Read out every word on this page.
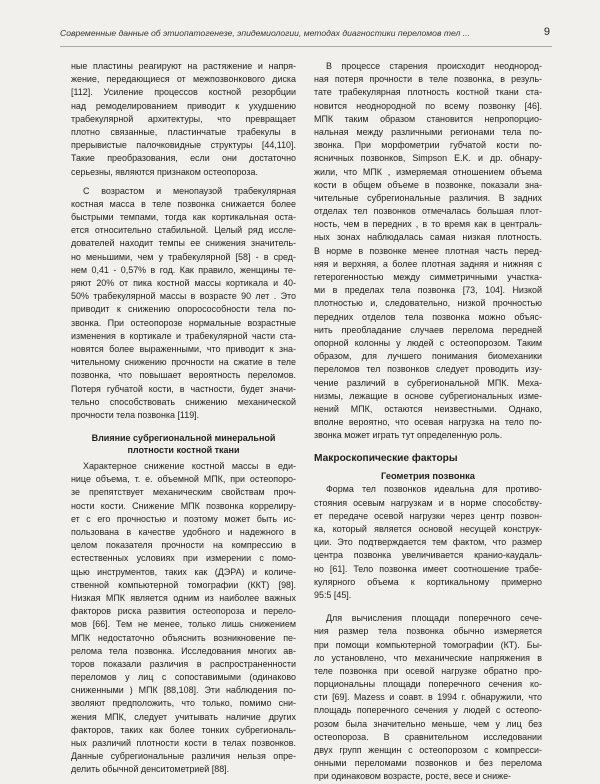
Современные данные об этиопатогенезе, эпидемиологии, методах диагностики переломов тел ...	9
ные пластины реагируют на растяжение и напря-
жение, передающиеся от межпозвонкового диска
[112]. Усиление процессов костной резорбции
над ремоделированием приводит к ухудшению
трабекулярной архитектуры, что превращает
плотно связанные, пластинчатые трабекулы в
прерывистые палочковидные структуры [44,110].
Такие преобразования, если они достаточно
серьезны, являются признаком остеопороза.
С возрастом и менопаузой трабекулярная
костная масса в теле позвонка снижается более
быстрыми темпами, тогда как кортикальная оста-
ется относительно стабильной. Целый ряд иссле-
дователей находит темпы ее снижения значитель-
но меньшими, чем у трабекулярной [58] - в сред-
нем 0,41 - 0,57% в год. Как правило, женщины те-
ряют 20% от пика костной массы кортикала и 40-
50% трабекулярной массы в возрасте 90 лет . Это
приводит к снижению опоросособности тела по-
звонка. При остеопорозе нормальные возрастные
изменения в кортикале и трабекулярной части ста-
новятся более выраженными, что приводит к зна-
чительному снижению прочности на сжатие в теле
позвонка, что повышает вероятность переломов.
Потеря губчатой кости, в частности, будет значи-
тельно способствовать снижению механической
прочности тела позвонка [119].
Влияние субрегиональной минеральной
плотности костной ткани
Характерное снижение костной массы в еди-
нице объема, т. е. объемной МПК, при остеопоро-
зе препятствует механическим свойствам проч-
ности кости. Снижение МПК позвонка коррелиру-
ет с его прочностью и поэтому может быть ис-
пользована в качестве удобного и надежного в
целом показателя прочности на компрессию в
естественных условиях при измерении с помо-
щью инструментов, таких как (ДЭРА) и количе-
ственной компьютерной томографии (ККТ) [98].
Низкая МПК является одним из наиболее важных
факторов риска развития остеопороза и перело-
мов [66]. Тем не менее, только лишь снижением
МПК недостаточно объяснить возникновение пе-
релома тела позвонка. Исследования многих ав-
торов показали различия в распространенности
переломов у лиц с сопоставимыми (одинаково
сниженными ) МПК [88,108]. Эти наблюдения по-
зволяют предположить, что только, помимо сни-
жения МПК, следует учитывать наличие других
факторов, таких как более тонких субрегиональ-
ных различий плотности кости в телах позвонков.
Данные субрегиональные различия нельзя опре-
делить обычной денситометрией [88].
В процессе старения происходит неоднород-
ная потеря прочности в теле позвонка, в резуль-
тате трабекулярная плотность костной ткани ста-
новится неоднородной по всему позвонку [46].
МПК таким образом становится непропорцио-
нальная между различными регионами тела по-
звонка. При морфометрии губчатой кости по-
ясничных позвонков, Simpson E.K. и др. обнару-
жили, что МПК , измеряемая отношением объема
кости в общем объеме в позвонке, показали зна-
чительные субрегиональные различия. В задних
отделах тел позвонков отмечалась большая плот-
ность, чем в передних , в то время как в централь-
ных зонах наблюдалась самая низкая плотность.
В норме в позвонке менее плотная часть перед-
няя и верхняя, а более плотная задняя и нижняя с
гетерогенностью между симметричными участка-
ми в пределах тела позвонка [73, 104]. Низкой
плотностью и, следовательно, низкой прочностью
передних отделов тела позвонка можно объяс-
нить преобладание случаев перелома передней
опорной колонны у людей с остеопорозом. Таким
образом, для лучшего понимания биомеханики
переломов тел позвонков следует проводить изу-
чение различий в субрегиональной МПК. Меха-
низмы, лежащие в основе субрегиональных изме-
нений МПК, остаются неизвестными. Однако,
вполне вероятно, что осевая нагрузка на тело по-
звонка может играть тут определенную роль.
Макроскопические факторы
Геометрия позвонка
Форма тел позвонков идеальна для противо-
стояния осевым нагрузкам и в норме способству-
ет передаче осевой нагрузки через центр позвон-
ка, который является основой несущей конструк-
ции. Это подтверждается тем фактом, что размер
центра позвонка увеличивается кранио-каудаль-
но [61]. Тело позвонка имеет соотношение трабе-
кулярного объема к кортикальному примерно
95:5 [45].
Для вычисления площади поперечного сече-
ния размер тела позвонка обычно измеряется
при помощи компьютерной томографии (КТ). Бы-
ло установлено, что механические напряжения в
теле позвонка при осевой нагрузке обратно про-
порциональны площади поперечного сечения ко-
сти [69]. Mazess и соавт. в 1994 г. обнаружили, что
площадь поперечного сечения у людей с остеопо-
розом была значительно меньше, чем у лиц без
остеопороза. В сравнительном исследовании
двух групп женщин с остеопорозом с компресси-
онными переломами позвонков и без перелома
при одинаковом возрасте, росте, весе и сниже-
